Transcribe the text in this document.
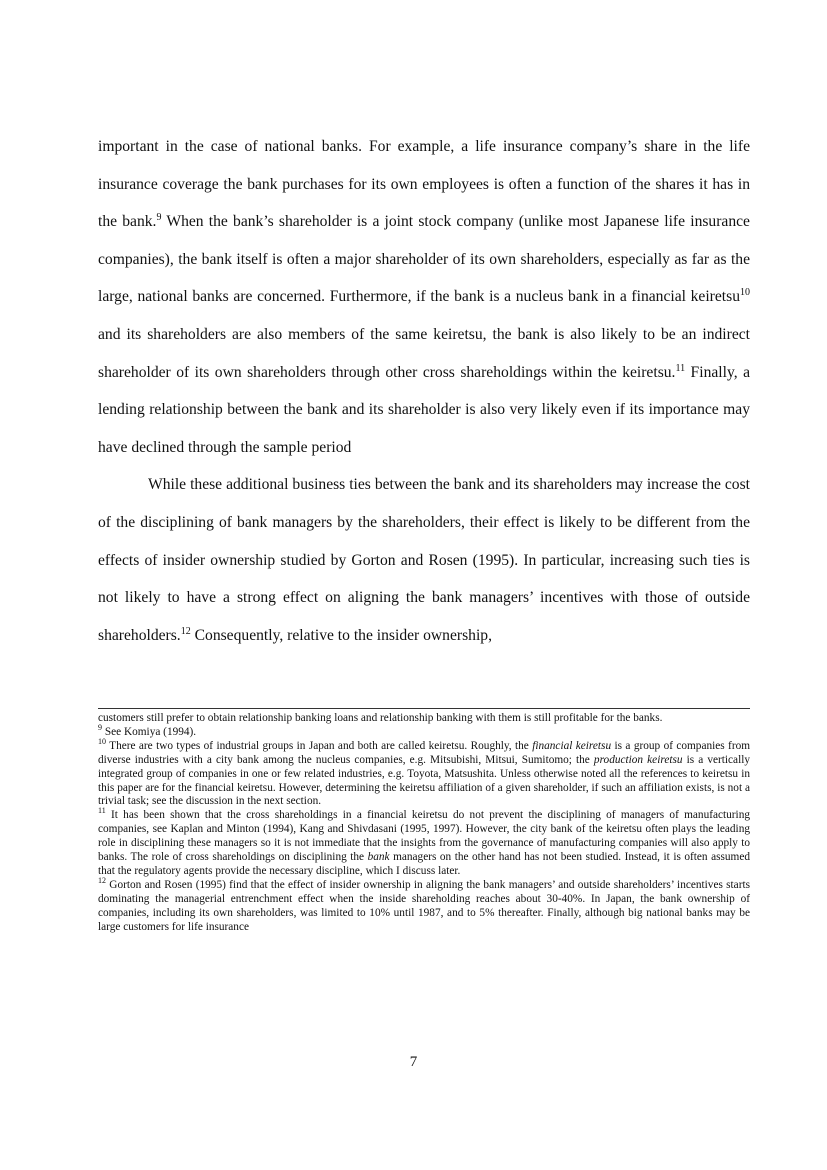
important in the case of national banks. For example, a life insurance company’s share in the life insurance coverage the bank purchases for its own employees is often a function of the shares it has in the bank.$^9$ When the bank’s shareholder is a joint stock company (unlike most Japanese life insurance companies), the bank itself is often a major shareholder of its own shareholders, especially as far as the large, national banks are concerned. Furthermore, if the bank is a nucleus bank in a financial keiretsu$^{10}$ and its shareholders are also members of the same keiretsu, the bank is also likely to be an indirect shareholder of its own shareholders through other cross shareholdings within the keiretsu.$^{11}$ Finally, a lending relationship between the bank and its shareholder is also very likely even if its importance may have declined through the sample period

While these additional business ties between the bank and its shareholders may increase the cost of the disciplining of bank managers by the shareholders, their effect is likely to be different from the effects of insider ownership studied by Gorton and Rosen (1995). In particular, increasing such ties is not likely to have a strong effect on aligning the bank managers’ incentives with those of outside shareholders.$^{12}$ Consequently, relative to the insider ownership,

customers still prefer to obtain relationship banking loans and relationship banking with them is still profitable for the banks.

$^9$ See Komiya (1994).

$^{10}$ There are two types of industrial groups in Japan and both are called keiretsu. Roughly, the financial keiretsu is a group of companies from diverse industries with a city bank among the nucleus companies, e.g. Mitsubishi, Mitsui, Sumitomo; the production keiretsu is a vertically integrated group of companies in one or few related industries, e.g. Toyota, Matsushita. Unless otherwise noted all the references to keiretsu in this paper are for the financial keiretsu. However, determining the keiretsu affiliation of a given shareholder, if such an affiliation exists, is not a trivial task; see the discussion in the next section.

$^{11}$ It has been shown that the cross shareholdings in a financial keiretsu do not prevent the disciplining of managers of manufacturing companies, see Kaplan and Minton (1994), Kang and Shivdasani (1995, 1997). However, the city bank of the keiretsu often plays the leading role in disciplining these managers so it is not immediate that the insights from the governance of manufacturing companies will also apply to banks. The role of cross shareholdings on disciplining the bank managers on the other hand has not been studied. Instead, it is often assumed that the regulatory agents provide the necessary discipline, which I discuss later.

$^{12}$ Gorton and Rosen (1995) find that the effect of insider ownership in aligning the bank managers’ and outside shareholders’ incentives starts dominating the managerial entrenchment effect when the inside shareholding reaches about 30-40%. In Japan, the bank ownership of companies, including its own shareholders, was limited to 10% until 1987, and to 5% thereafter. Finally, although big national banks may be large customers for life insurance

7
